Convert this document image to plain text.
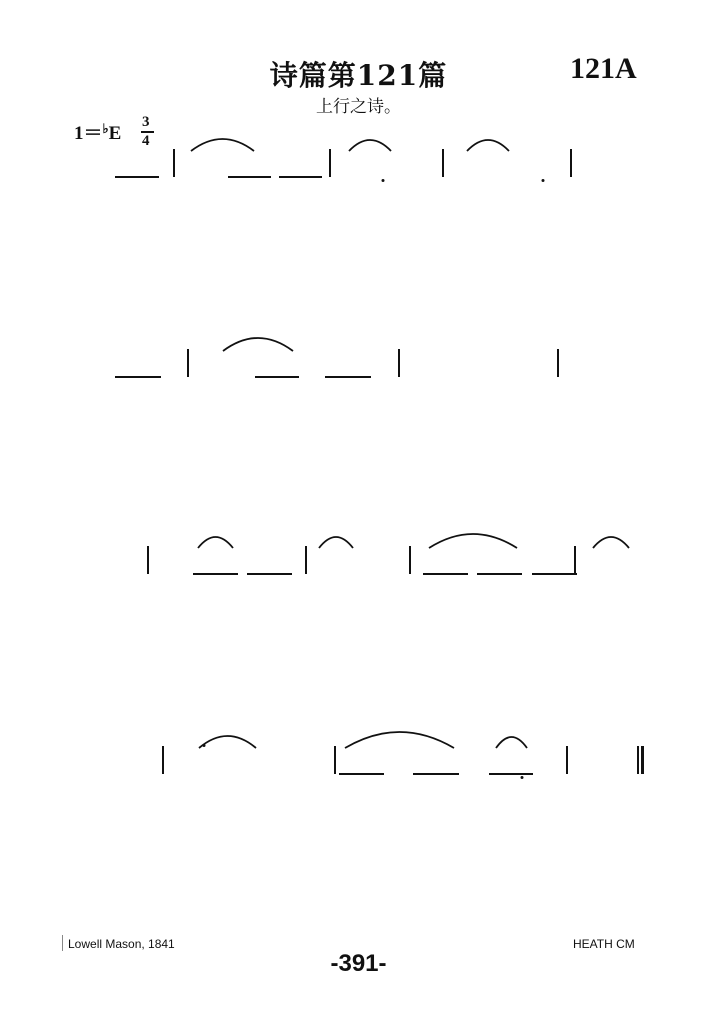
诗篇第121篇	121A
上行之诗。
1＝♭E
3
4
Lowell Mason, 1841	HEATH CM
-391-
